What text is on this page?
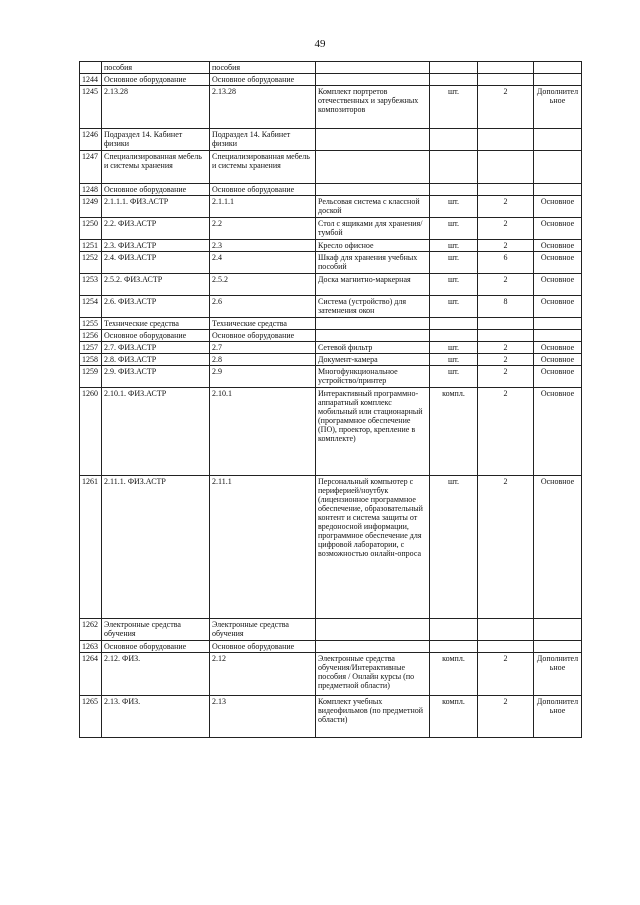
49
	пособия	пособия				
1244	Основное оборудование	Основное оборудование				
1245	2.13.28	2.13.28	Комплект портретов отечественных и зарубежных композиторов	шт.	2	Дополнительное
1246	Подраздел 14. Кабинет физики	Подраздел 14. Кабинет физики				
1247	Специализированная мебель и системы хранения	Специализированная мебель и системы хранения				
1248	Основное оборудование	Основное оборудование				
1249	2.1.1.1. ФИЗ.АСТР	2.1.1.1	Рельсовая система с классной доской	шт.	2	Основное
1250	2.2. ФИЗ.АСТР	2.2	Стол с ящиками для хранения/тумбой	шт.	2	Основное
1251	2.3. ФИЗ.АСТР	2.3	Кресло офисное	шт.	2	Основное
1252	2.4. ФИЗ.АСТР	2.4	Шкаф для хранения учебных пособий	шт.	6	Основное
1253	2.5.2. ФИЗ.АСТР	2.5.2	Доска магнитно-маркерная	шт.	2	Основное
1254	2.6. ФИЗ.АСТР	2.6	Система (устройство) для затемнения окон	шт.	8	Основное
1255	Технические средства	Технические средства				
1256	Основное оборудование	Основное оборудование				
1257	2.7. ФИЗ.АСТР	2.7	Сетевой фильтр	шт.	2	Основное
1258	2.8. ФИЗ.АСТР	2.8	Документ-камера	шт.	2	Основное
1259	2.9. ФИЗ.АСТР	2.9	Многофункциональное устройство/принтер	шт.	2	Основное
1260	2.10.1. ФИЗ.АСТР	2.10.1	Интерактивный программно-аппаратный комплекс мобильный или стационарный (программное обеспечение (ПО), проектор, крепление в комплекте)	компл.	2	Основное
1261	2.11.1. ФИЗ.АСТР	2.11.1	Персональный компьютер с периферией/ноутбук (лицензионное программное обеспечение, образовательный контент и система защиты от вредоносной информации, программное обеспечение для цифровой лаборатории, с возможностью онлайн-опроса	шт.	2	Основное
1262	Электронные средства обучения	Электронные средства обучения				
1263	Основное оборудование	Основное оборудование				
1264	2.12. ФИЗ.	2.12	Электронные средства обучения/Интерактивные пособия / Онлайн курсы (по предметной области)	компл.	2	Дополнительное
1265	2.13. ФИЗ.	2.13	Комплект учебных видеофильмов (по предметной области)	компл.	2	Дополнительное
